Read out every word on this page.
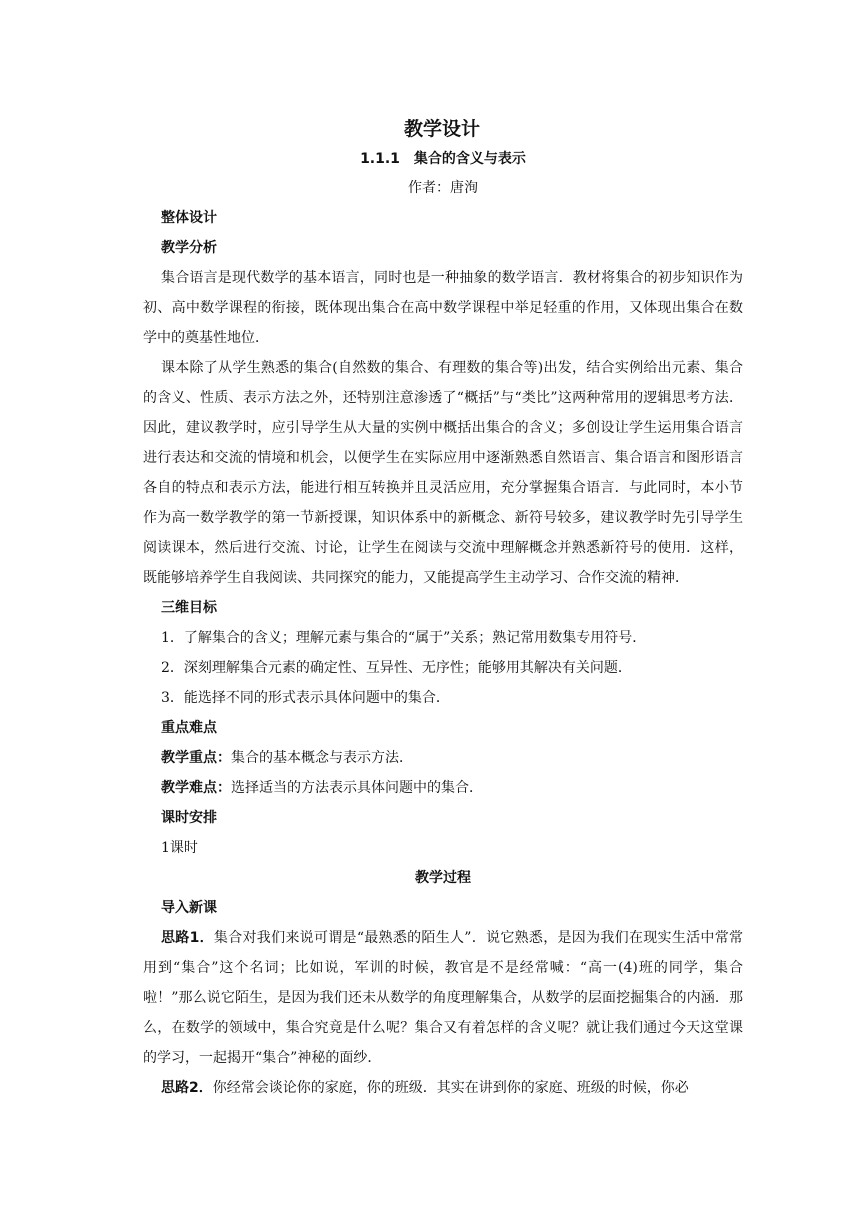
教学设计
1.1.1　集合的含义与表示
作者：唐洵
整体设计
教学分析

集合语言是现代数学的基本语言，同时也是一种抽象的数学语言．教材将集合的初步知识作为初、高中数学课程的衔接，既体现出集合在高中数学课程中举足轻重的作用，又体现出集合在数学中的奠基性地位．

课本除了从学生熟悉的集合(自然数的集合、有理数的集合等)出发，结合实例给出元素、集合的含义、性质、表示方法之外，还特别注意渗透了“概括”与“类比”这两种常用的逻辑思考方法．因此，建议教学时，应引导学生从大量的实例中概括出集合的含义；多创设让学生运用集合语言进行表达和交流的情境和机会，以便学生在实际应用中逐渐熟悉自然语言、集合语言和图形语言各自的特点和表示方法，能进行相互转换并且灵活应用，充分掌握集合语言．与此同时，本小节作为高一数学教学的第一节新授课，知识体系中的新概念、新符号较多，建议教学时先引导学生阅读课本，然后进行交流、讨论，让学生在阅读与交流中理解概念并熟悉新符号的使用．这样，既能够培养学生自我阅读、共同探究的能力，又能提高学生主动学习、合作交流的精神．

三维目标

1．了解集合的含义；理解元素与集合的“属于”关系；熟记常用数集专用符号．

2．深刻理解集合元素的确定性、互异性、无序性；能够用其解决有关问题．

3．能选择不同的形式表示具体问题中的集合．

重点难点

教学重点：集合的基本概念与表示方法．

教学难点：选择适当的方法表示具体问题中的集合．

课时安排

1课时

教学过程
导入新课

思路1．集合对我们来说可谓是“最熟悉的陌生人”．说它熟悉，是因为我们在现实生活中常常用到“集合”这个名词；比如说，军训的时候，教官是不是经常喊：“高一(4)班的同学，集合啦！”那么说它陌生，是因为我们还未从数学的角度理解集合，从数学的层面挖掘集合的内涵．那么，在数学的领域中，集合究竟是什么呢？集合又有着怎样的含义呢？就让我们通过今天这堂课的学习，一起揭开“集合”神秘的面纱．

思路2．你经常会谈论你的家庭，你的班级．其实在讲到你的家庭、班级的时候，你必
